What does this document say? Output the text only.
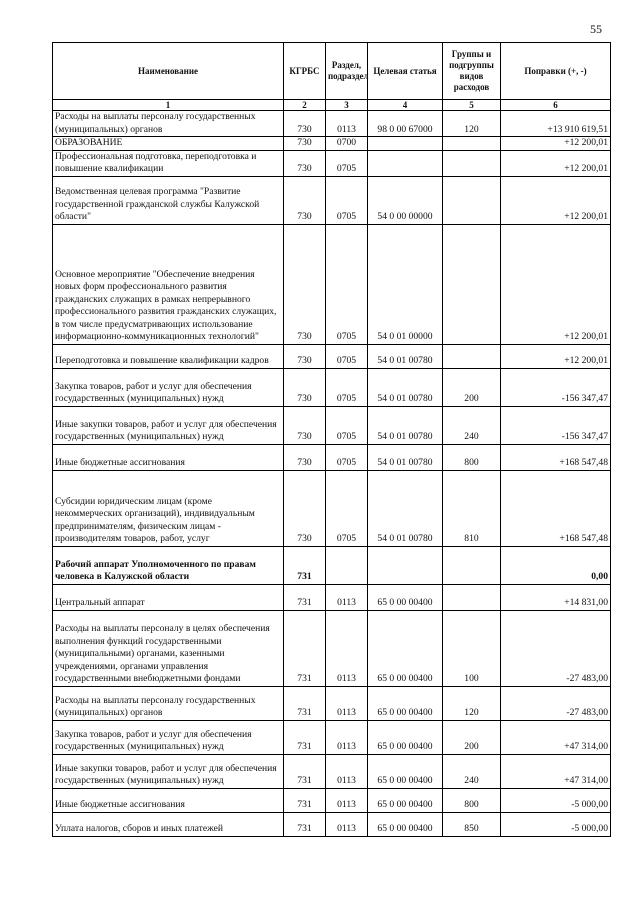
55
Наименование	КГРБС	Раздел, подраздел	Целевая статья	Группы и подгруппы видов расходов	Поправки (+, -)
1	2	3	4	5	6
Расходы на выплаты персоналу государственных (муниципальных) органов	730	0113	98 0 00 67000	120	+13 910 619,51
ОБРАЗОВАНИЕ	730	0700			+12 200,01
Профессиональная подготовка, переподготовка и повышение квалификации	730	0705			+12 200,01
Ведомственная целевая программа "Развитие государственной гражданской службы Калужской области"	730	0705	54 0 00 00000		+12 200,01
Основное мероприятие "Обеспечение внедрения новых форм профессионального развития гражданских служащих в рамках непрерывного профессионального развития гражданских служащих, в том числе предусматривающих использование информационно-коммуникационных технологий"	730	0705	54 0 01 00000		+12 200,01
Переподготовка и повышение квалификации кадров	730	0705	54 0 01 00780		+12 200,01
Закупка товаров, работ и услуг для обеспечения государственных (муниципальных) нужд	730	0705	54 0 01 00780	200	-156 347,47
Иные закупки товаров, работ и услуг для обеспечения государственных (муниципальных) нужд	730	0705	54 0 01 00780	240	-156 347,47
Иные бюджетные ассигнования	730	0705	54 0 01 00780	800	+168 547,48
Субсидии юридическим лицам (кроме некоммерческих организаций), индивидуальным предпринимателям, физическим лицам - производителям товаров, работ, услуг	730	0705	54 0 01 00780	810	+168 547,48
Рабочий аппарат Уполномоченного по правам человека в Калужской области	731				0,00
Центральный аппарат	731	0113	65 0 00 00400		+14 831,00
Расходы на выплаты персоналу в целях обеспечения выполнения функций государственными (муниципальными) органами, казенными учреждениями, органами управления государственными внебюджетными фондами	731	0113	65 0 00 00400	100	-27 483,00
Расходы на выплаты персоналу государственных (муниципальных) органов	731	0113	65 0 00 00400	120	-27 483,00
Закупка товаров, работ и услуг для обеспечения государственных (муниципальных) нужд	731	0113	65 0 00 00400	200	+47 314,00
Иные закупки товаров, работ и услуг для обеспечения государственных (муниципальных) нужд	731	0113	65 0 00 00400	240	+47 314,00
Иные бюджетные ассигнования	731	0113	65 0 00 00400	800	-5 000,00
Уплата налогов, сборов и иных платежей	731	0113	65 0 00 00400	850	-5 000,00
